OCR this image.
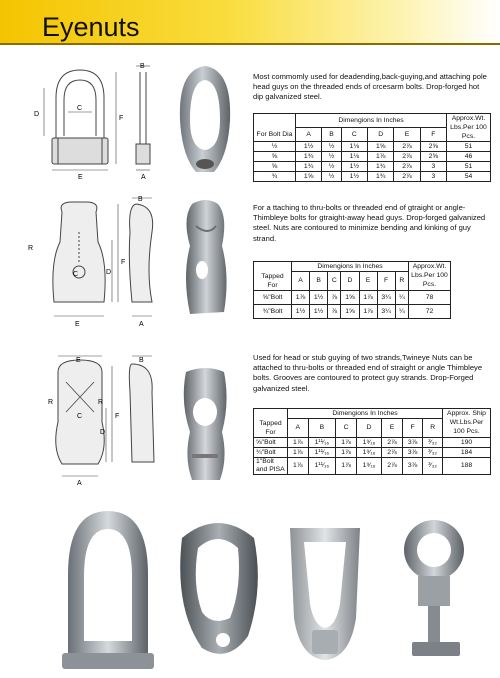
Eyenuts
B
C
D
F
E	A
Most commomly used for deadending,back-guying,and attaching pole head guys on the threaded ends of crcesarm bolts. Drop-forged hot dip galvanized steel.
	Dimengions In Inches						Approx.Wt. Lbs.Per 100 Pcs.
For Bolt Dia	A	B	C	D	E	F	
½	1½	½	1⅛	1⅝	2⅞	2⅝	51
⅝	1¾	½	1⅛	1⅞	2⅞	2⅝	46
⅝	1¾	½	1½	1¾	2⅞	3	51
¾	1⅝	½	1½	1¾	2⅞	3	54
B
R
D
F
C
E	A
For a ttaching to thru-bolts or threaded end of gtraight or angle-Thimbleye bolts for gtraight-away head guys. Drop-forged galvanized steel. Nuts are contoured to minimize bending and kinking of guy strand.
	Dimengions In Inches							Approx.Wt. Lbs.Per 100 Pcs.
Tapped For	A	B	C	D	E	F	R	
⅝"Bolt	1⅞	1½	⅞	1⅝	1⅞	3¼	¼	78
¾"Bolt	1½	1½	⅞	1⅝	1⅞	3¼	¼	72
E	B
R	R
C
D
F
A
Used for head or stub guying of two strands,Twineye Nuts can be attached to thru-bolts or threaded end of straight or angle Thimbleye bolts. Grooves are contoured to protect guy strands. Drop-Forged galvanized steel.
	Dimengions In Inches							Approx. Ship Wt.Lbs.Per 100 Pcs.
Tapped For	A	B	C	D	E	F	R	
⅝"Bolt	1⅞	1¹¹⁄₁₆	1⅞	1⁹⁄₁₆	2⅞	3⅞	³⁄₃₂	190
¾"Bolt	1⅞	1¹¹⁄₁₆	1⅞	1⁹⁄₁₆	2⅞	3⅞	³⁄₃₂	184
1"Bolt and PISA	1⅞	1¹¹⁄₁₆	1⅞	1⁹⁄₁₆	2⅞	3⅞	³⁄₃₂	188
